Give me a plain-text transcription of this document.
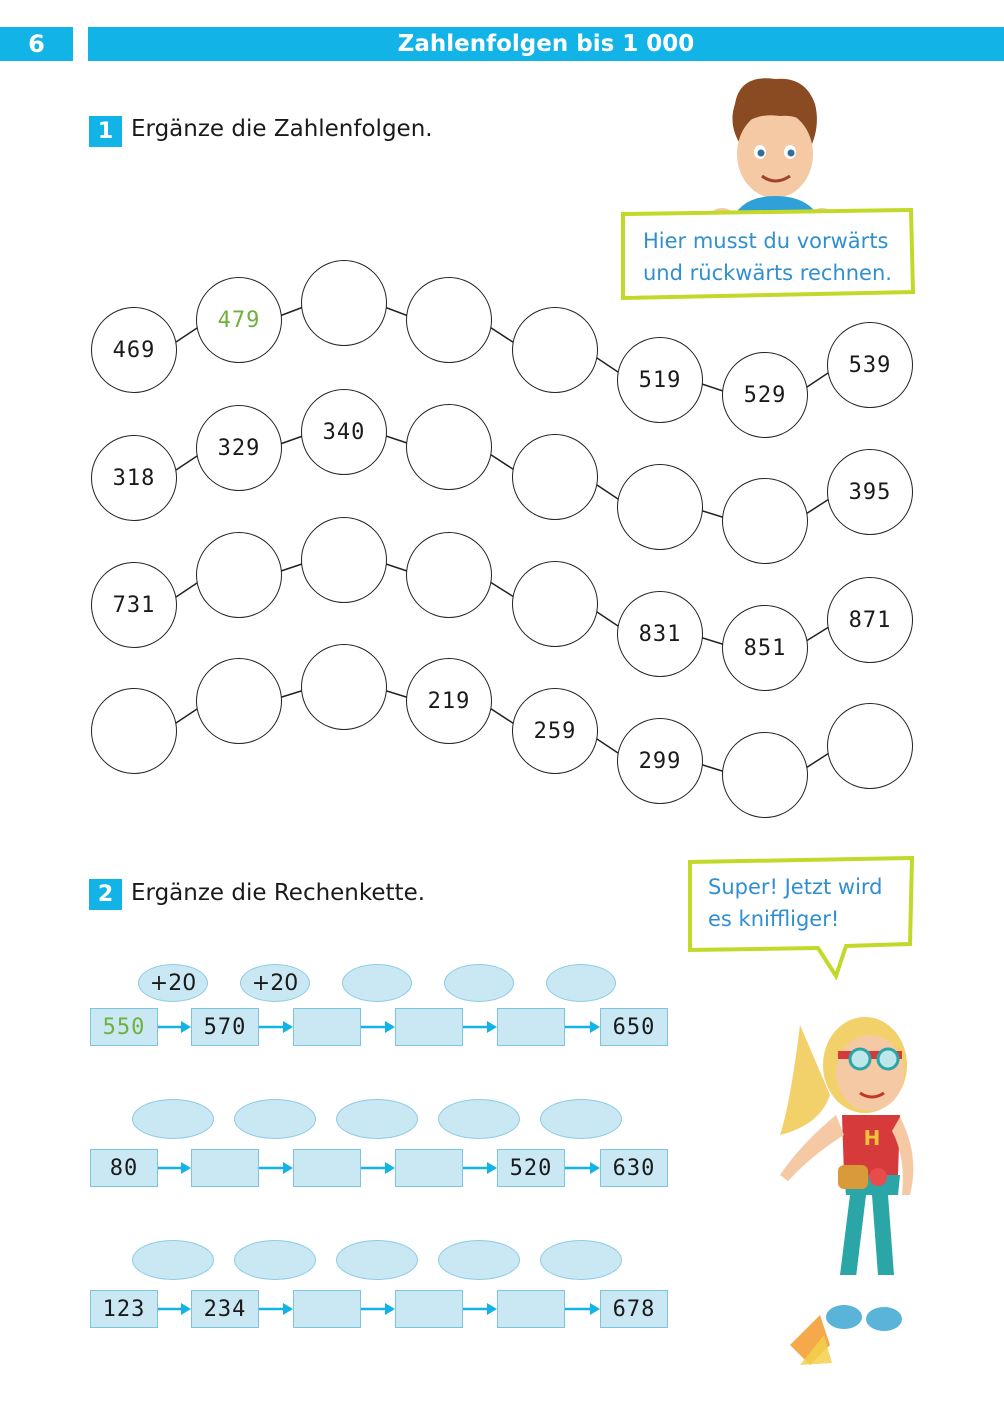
6	Zahlenfolgen bis 1 000
1 Ergänze die Zahlenfolgen.
Hier musst du vorwärts
und rückwärts rechnen.
469
479
519
529
539
318
329
340
395
731
831
851
871
219
259
299
2 Ergänze die Rechenkette.	Super! Jetzt wird
es kniffliger!
H
+20	+20
550	570	650
80	520	630
123	234	678
